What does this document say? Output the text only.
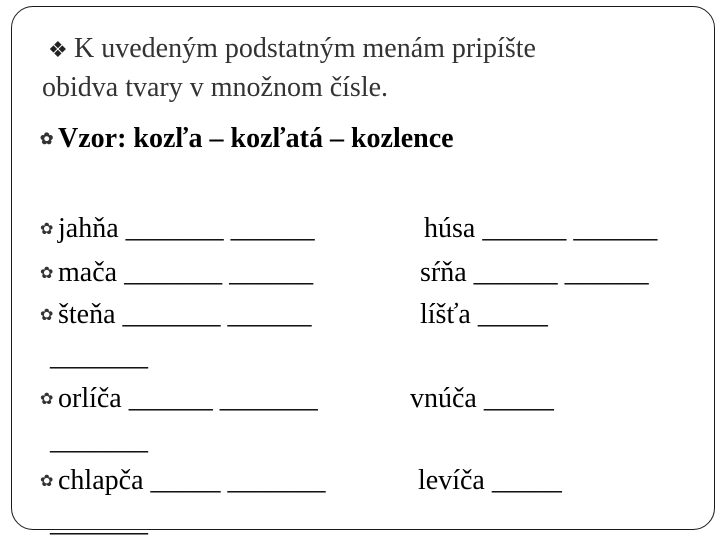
❖ K uvedeným podstatným menám pripíšte
obidva tvary v množnom čísle.
✿ Vzor: kozľa – kozľatá – kozlence
✿ jahňa _______ ______
✿ mača _______ ______
✿ šteňa _______ ______
_______
✿ orlíča ______ _______
_______
✿ chlapča _____ _______
_______
húsa ______ ______
sŕňa ______ ______
líšťa _____
vnúča _____
levíča _____
